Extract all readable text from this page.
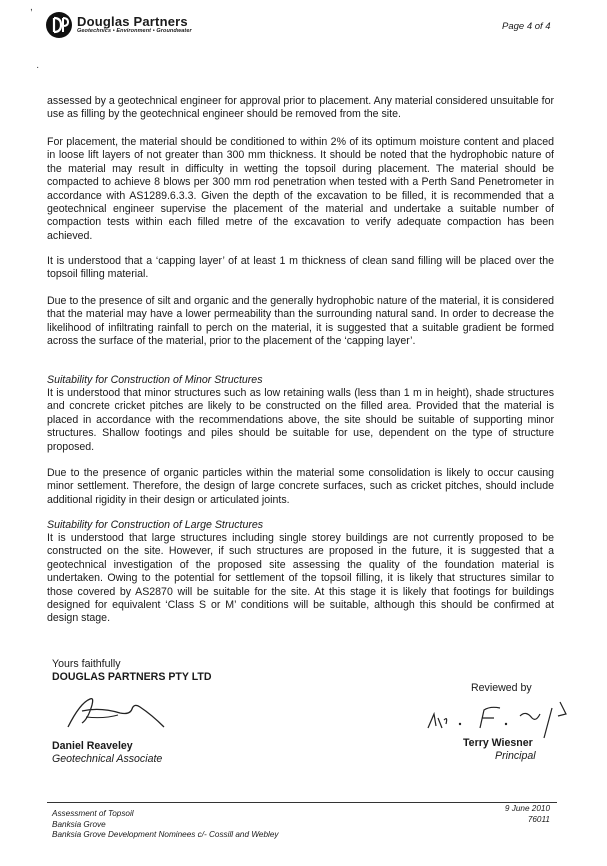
Douglas Partners
Geotechnics • Environment • Groundwater	Page 4 of 4
,
·

assessed by a geotechnical engineer for approval prior to placement. Any material considered unsuitable for use as filling by the geotechnical engineer should be removed from the site.

For placement, the material should be conditioned to within 2% of its optimum moisture content and placed in loose lift layers of not greater than 300 mm thickness. It should be noted that the hydrophobic nature of the material may result in difficulty in wetting the topsoil during placement. The material should be compacted to achieve 8 blows per 300 mm rod penetration when tested with a Perth Sand Penetrometer in accordance with AS1289.6.3.3. Given the depth of the excavation to be filled, it is recommended that a geotechnical engineer supervise the placement of the material and undertake a suitable number of compaction tests within each filled metre of the excavation to verify adequate compaction has been achieved.

It is understood that a ‘capping layer’ of at least 1 m thickness of clean sand filling will be placed over the topsoil filling material.

Due to the presence of silt and organic and the generally hydrophobic nature of the material, it is considered that the material may have a lower permeability than the surrounding natural sand. In order to decrease the likelihood of infiltrating rainfall to perch on the material, it is suggested that a suitable gradient be formed across the surface of the material, prior to the placement of the ‘capping layer’.

Suitability for Construction of Minor Structures

It is understood that minor structures such as low retaining walls (less than 1 m in height), shade structures and concrete cricket pitches are likely to be constructed on the filled area. Provided that the material is placed in accordance with the recommendations above, the site should be suitable of supporting minor structures. Shallow footings and piles should be suitable for use, dependent on the type of structure proposed.

Due to the presence of organic particles within the material some consolidation is likely to occur causing minor settlement. Therefore, the design of large concrete surfaces, such as cricket pitches, should include additional rigidity in their design or articulated joints.

Suitability for Construction of Large Structures

It is understood that large structures including single storey buildings are not currently proposed to be constructed on the site. However, if such structures are proposed in the future, it is suggested that a geotechnical investigation of the proposed site assessing the quality of the foundation material is undertaken. Owing to the potential for settlement of the topsoil filling, it is likely that structures similar to those covered by AS2870 will be suitable for the site. At this stage it is likely that footings for buildings designed for equivalent ‘Class S or M’ conditions will be suitable, although this should be confirmed at design stage.

Yours faithfully
DOUGLAS PARTNERS PTY LTD
Daniel Reaveley
Geotechnical Associate
Reviewed by
Terry Wiesner
Principal
Assessment of Topsoil
Banksia Grove
Banksia Grove Development Nominees c/- Cossill and Webley
9 June 2010
76011
